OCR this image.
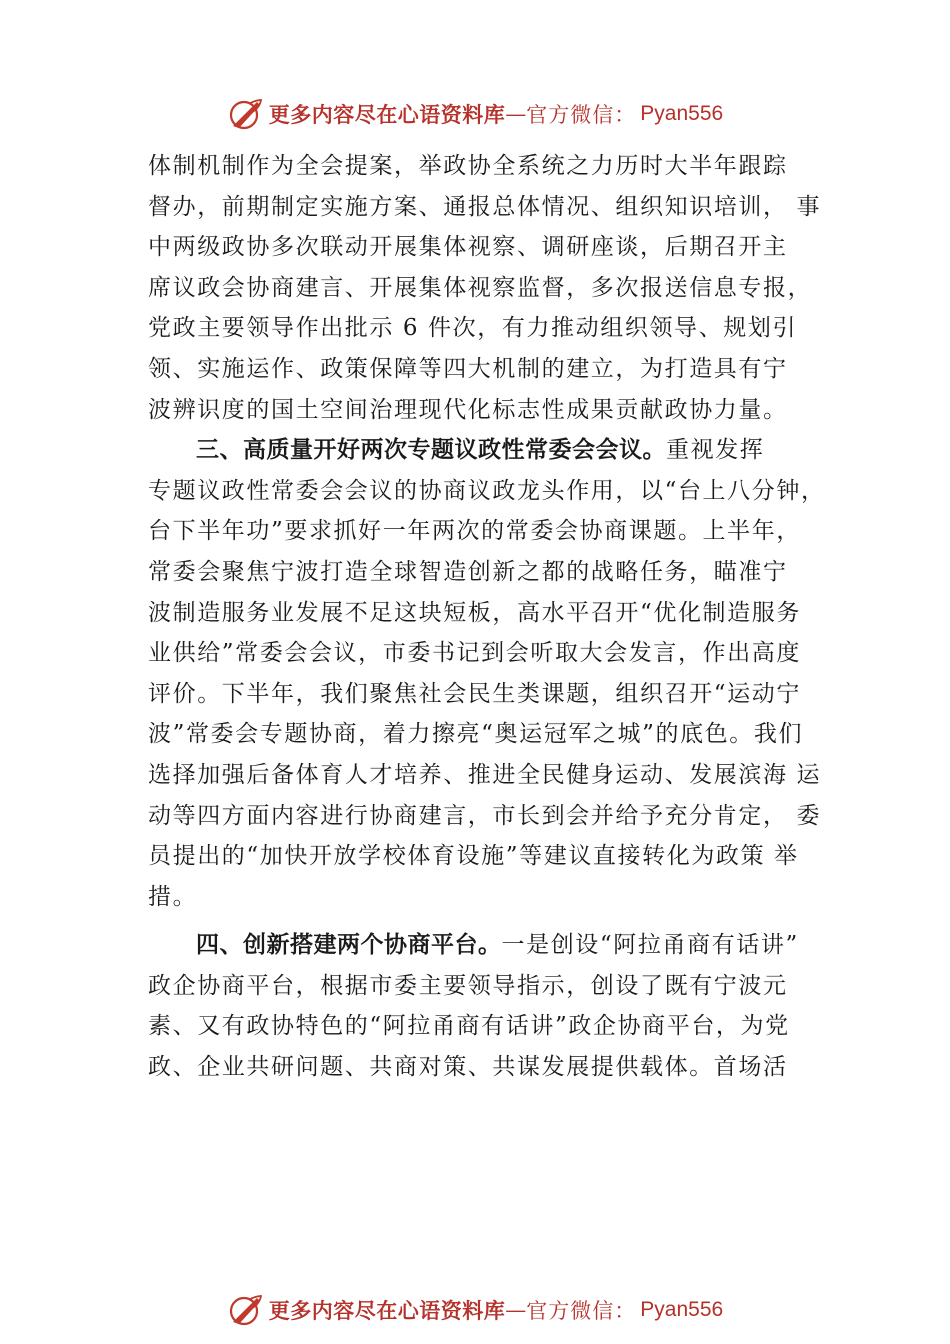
更多内容尽在心语资料库 — 官方微信： Pyan556
体制机制作为全会提案，举政协全系统之力历时大半年跟踪
督办，前期制定实施方案、通报总体情况、组织知识培训， 事
中两级政协多次联动开展集体视察、调研座谈，后期召开主
席议政会协商建言、开展集体视察监督，多次报送信息专报，
党政主要领导作出批示 6 件次，有力推动组织领导、规划引
领、实施运作、政策保障等四大机制的建立，为打造具有宁
波辨识度的国土空间治理现代化标志性成果贡献政协力量。
三、高质量开好两次专题议政性常委会会议。 重视发挥
专题议政性常委会会议的协商议政龙头作用，以“台上八分钟，
台下半年功”要求抓好一年两次的常委会协商课题。上半年，
常委会聚焦宁波打造全球智造创新之都的战略任务，瞄准宁
波制造服务业发展不足这块短板，高水平召开“优化制造服务
业供给”常委会会议，市委书记到会听取大会发言，作出高度
评价。下半年，我们聚焦社会民生类课题，组织召开“运动宁
波”常委会专题协商，着力擦亮“奥运冠军之城”的底色。我们
选择加强后备体育人才培养、推进全民健身运动、发展滨海 运
动等四方面内容进行协商建言，市长到会并给予充分肯定， 委
员提出的“加快开放学校体育设施”等建议直接转化为政策 举
措。
四、创新搭建两个协商平台。 一是创设“阿拉甬商有话讲”
政企协商平台，根据市委主要领导指示，创设了既有宁波元
素、又有政协特色的“阿拉甬商有话讲”政企协商平台，为党
政、企业共研问题、共商对策、共谋发展提供载体。首场活
更多内容尽在心语资料库 — 官方微信： Pyan556
